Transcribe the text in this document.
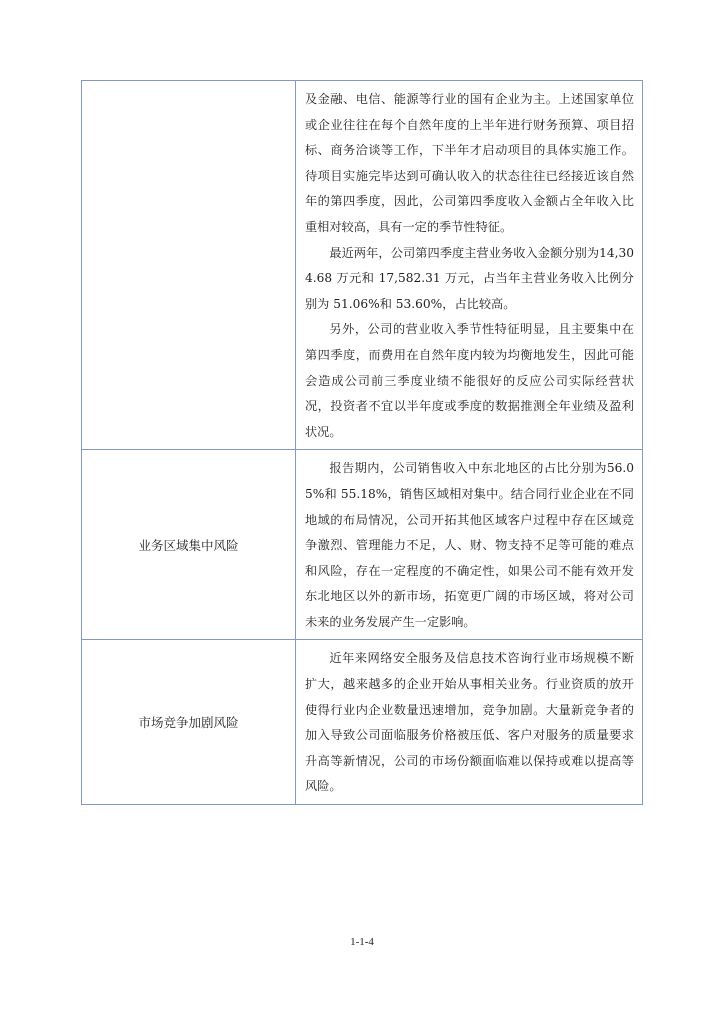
	及金融、电信、能源等行业的国有企业为主。上述国家单位或企业往往在每个自然年度的上半年进行财务预算、项目招标、商务洽谈等工作，下半年才启动项目的具体实施工作。待项目实施完毕达到可确认收入的状态往往已经接近该自然年的第四季度，因此，公司第四季度收入金额占全年收入比重相对较高，具有一定的季节性特征。

最近两年，公司第四季度主营业务收入金额分别为14,304.68 万元和 17,582.31 万元，占当年主营业务收入比例分别为 51.06%和 53.60%，占比较高。

另外，公司的营业收入季节性特征明显，且主要集中在第四季度，而费用在自然年度内较为均衡地发生，因此可能会造成公司前三季度业绩不能很好的反应公司实际经营状况，投资者不宜以半年度或季度的数据推测全年业绩及盈利状况。

业务区域集中风险	报告期内，公司销售收入中东北地区的占比分别为56.05%和 55.18%，销售区域相对集中。结合同行业企业在不同地域的布局情况，公司开拓其他区域客户过程中存在区域竞争激烈、管理能力不足，人、财、物支持不足等可能的难点和风险，存在一定程度的不确定性，如果公司不能有效开发东北地区以外的新市场，拓宽更广阔的市场区域，将对公司未来的业务发展产生一定影响。

市场竞争加剧风险	近年来网络安全服务及信息技术咨询行业市场规模不断扩大，越来越多的企业开始从事相关业务。行业资质的放开使得行业内企业数量迅速增加，竞争加剧。大量新竞争者的加入导致公司面临服务价格被压低、客户对服务的质量要求升高等新情况，公司的市场份额面临难以保持或难以提高等风险。

1-1-4
